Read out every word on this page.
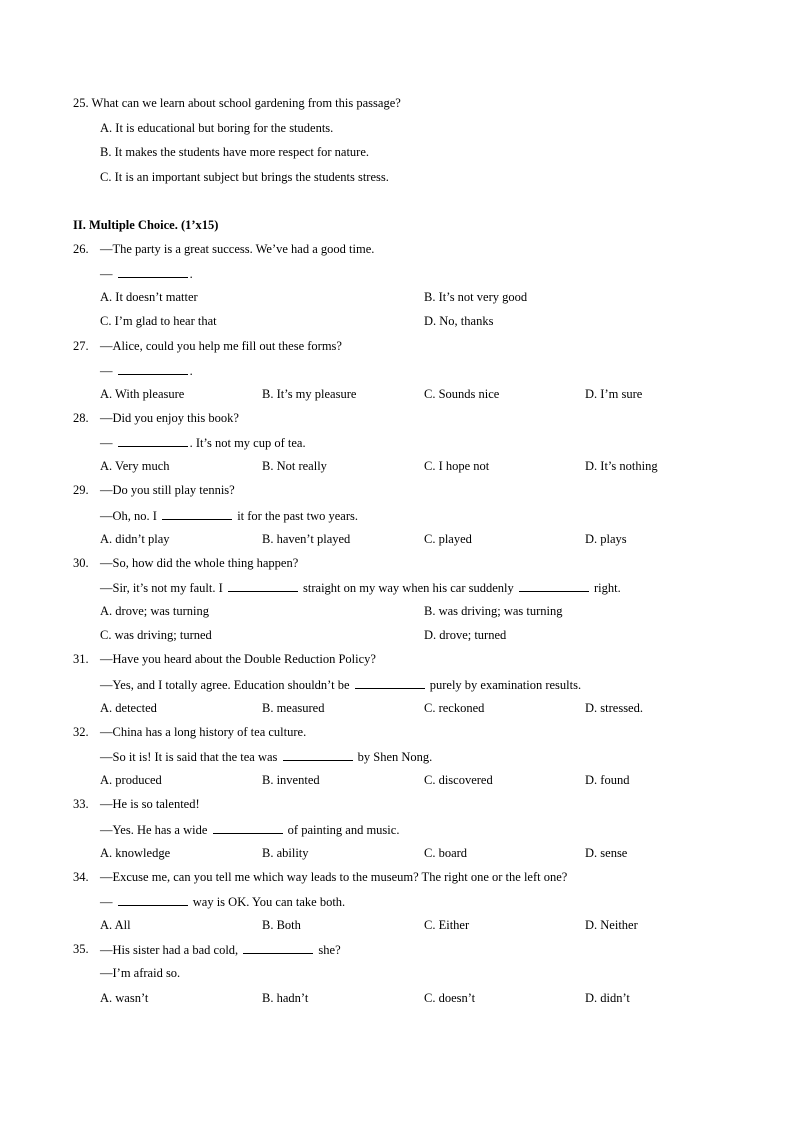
25. What can we learn about school gardening from this passage?
A. It is educational but boring for the students.
B. It makes the students have more respect for nature.
C. It is an important subject but brings the students stress.
II. Multiple Choice. (1’x15)
26. —The party is a great success. We’ve had a good time.
—	.
A. It doesn’t matter	B. It’s not very good
C. I’m glad to hear that	D. No, thanks
27. —Alice, could you help me fill out these forms?
—	.
A. With pleasure	B. It’s my pleasure	C. Sounds nice	D. I’m sure
28. —Did you enjoy this book?
—	. It’s not my cup of tea.
A. Very much	B. Not really	C. I hope not	D. It’s nothing
29. —Do you still play tennis?
—Oh, no. I	it for the past two years.
A. didn’t play	B. haven’t played	C. played	D. plays
30. —So, how did the whole thing happen?
—Sir, it’s not my fault. I	straight on my way when his car suddenly	right.
A. drove; was turning	B. was driving; was turning
C. was driving; turned	D. drove; turned
31. —Have you heard about the Double Reduction Policy?
—Yes, and I totally agree. Education shouldn’t be	purely by examination results.
A. detected	B. measured	C. reckoned	D. stressed.
32. —China has a long history of tea culture.
—So it is! It is said that the tea was	by Shen Nong.
A. produced	B. invented	C. discovered	D. found
33. —He is so talented!
—Yes. He has a wide	of painting and music.
A. knowledge	B. ability	C. board	D. sense
34. —Excuse me, can you tell me which way leads to the museum? The right one or the left one?
—	way is OK. You can take both.
A. All	B. Both	C. Either	D. Neither
35. —His sister had a bad cold,	she?
—I’m afraid so.
A. wasn’t	B. hadn’t	C. doesn’t	D. didn’t
